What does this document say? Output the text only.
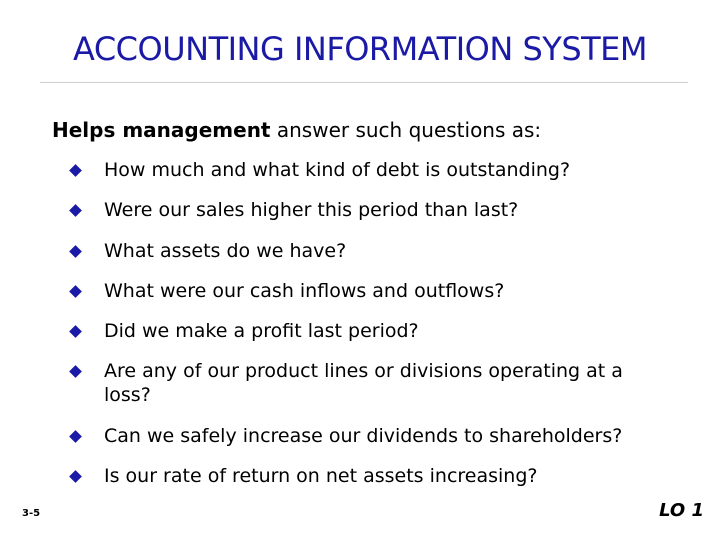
ACCOUNTING INFORMATION SYSTEM
Helps management answer such questions as:
How much and what kind of debt is outstanding?
Were our sales higher this period than last?
What assets do we have?
What were our cash inflows and outflows?
Did we make a profit last period?
Are any of our product lines or divisions operating at a loss?
Can we safely increase our dividends to shareholders?
Is our rate of return on net assets increasing?
3-5	LO 1
